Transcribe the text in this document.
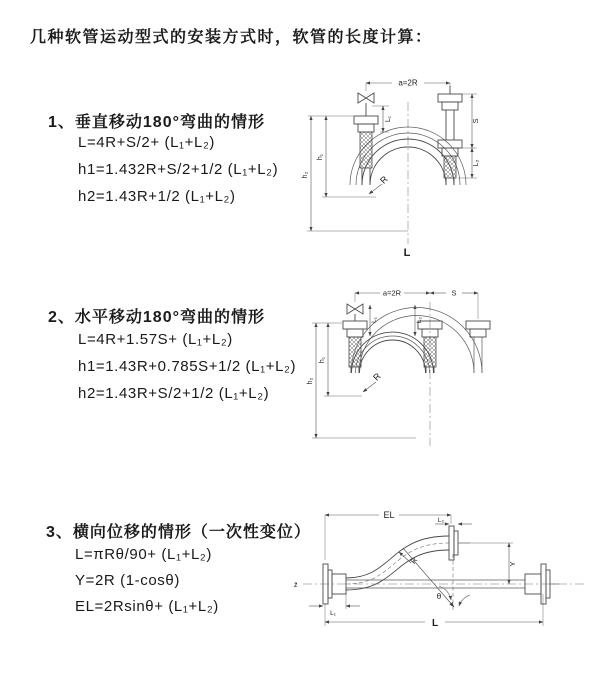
几种软管运动型式的安装方式时，软管的长度计算：
1、垂直移动180°弯曲的情形
L=4R+S/2+ (L₁+L₂)
h1=1.432R+S/2+1/2 (L₁+L₂)
h2=1.43R+1/2 (L₁+L₂)
2、水平移动180°弯曲的情形
L=4R+1.57S+ (L₁+L₂)
h1=1.43R+0.785S+1/2 (L₁+L₂)
h2=1.43R+S/2+1/2 (L₁+L₂)
3、横向位移的情形（一次性变位）
L=πRθ/90+ (L₁+L₂)
Y=2R (1-cosθ)
EL=2Rsinθ+ (L₁+L₂)
a=2R
L₁	S
L₂
h₁
h₂	R
L
a=2R	S
L₁	L₂
h₁
h₂	R
z̄
EL
L₂
Y
R
θ
L₁
L
